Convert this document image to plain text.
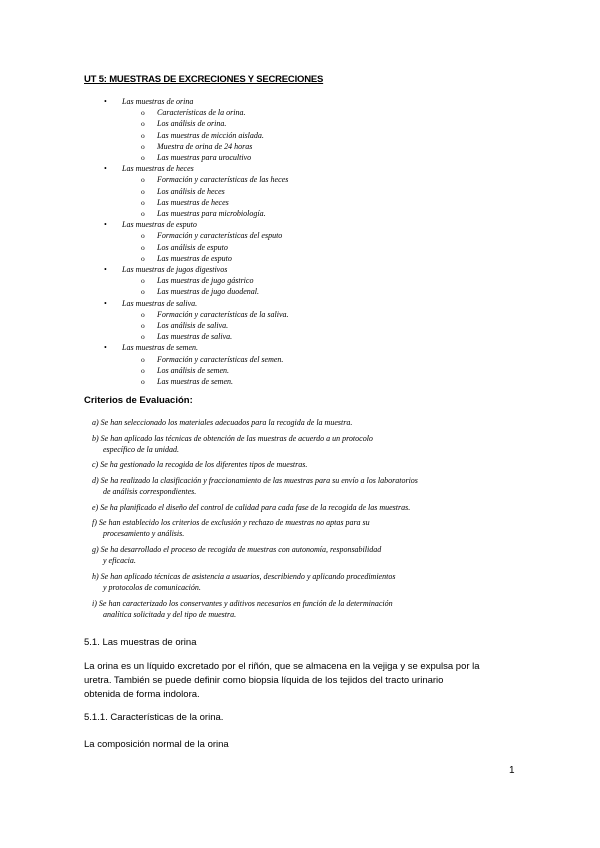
UT 5: MUESTRAS DE EXCRECIONES Y SECRECIONES
• Las muestras de orina
o Características de la orina.
o Los análisis de orina.
o Las muestras de micción aislada.
o Muestra de orina de 24 horas
o Las muestras para urocultivo
• Las muestras de heces
o Formación y características de las heces
o Los análisis de heces
o Las muestras de heces
o Las muestras para microbiología.
• Las muestras de esputo
o Formación y características del esputo
o Los análisis de esputo
o Las muestras de esputo
• Las muestras de jugos digestivos
o Las muestras de jugo gástrico
o Las muestras de jugo duodenal.
• Las muestras de saliva.
o Formación y características de la saliva.
o Los análisis de saliva.
o Las muestras de saliva.
• Las muestras de semen.
o Formación y características del semen.
o Los análisis de semen.
o Las muestras de semen.
Criterios de Evaluación:
a) Se han seleccionado los materiales adecuados para la recogida de la muestra.
b) Se han aplicado las técnicas de obtención de las muestras de acuerdo a un protocolo
específico de la unidad.
c) Se ha gestionado la recogida de los diferentes tipos de muestras.
d) Se ha realizado la clasificación y fraccionamiento de las muestras para su envío a los laboratorios
de análisis correspondientes.
e) Se ha planificado el diseño del control de calidad para cada fase de la recogida de las muestras.
f) Se han establecido los criterios de exclusión y rechazo de muestras no aptas para su
procesamiento y análisis.
g) Se ha desarrollado el proceso de recogida de muestras con autonomía, responsabilidad
y eficacia.
h) Se han aplicado técnicas de asistencia a usuarios, describiendo y aplicando procedimientos
y protocolos de comunicación.
i) Se han caracterizado los conservantes y aditivos necesarios en función de la determinación
analítica solicitada y del tipo de muestra.
5.1. Las muestras de orina

La orina es un líquido excretado por el riñón, que se almacena en la vejiga y se expulsa por la
uretra. También se puede definir como biopsia líquida de los tejidos del tracto urinario
obtenida de forma indolora.

5.1.1. Características de la orina.
La composición normal de la orina
1
